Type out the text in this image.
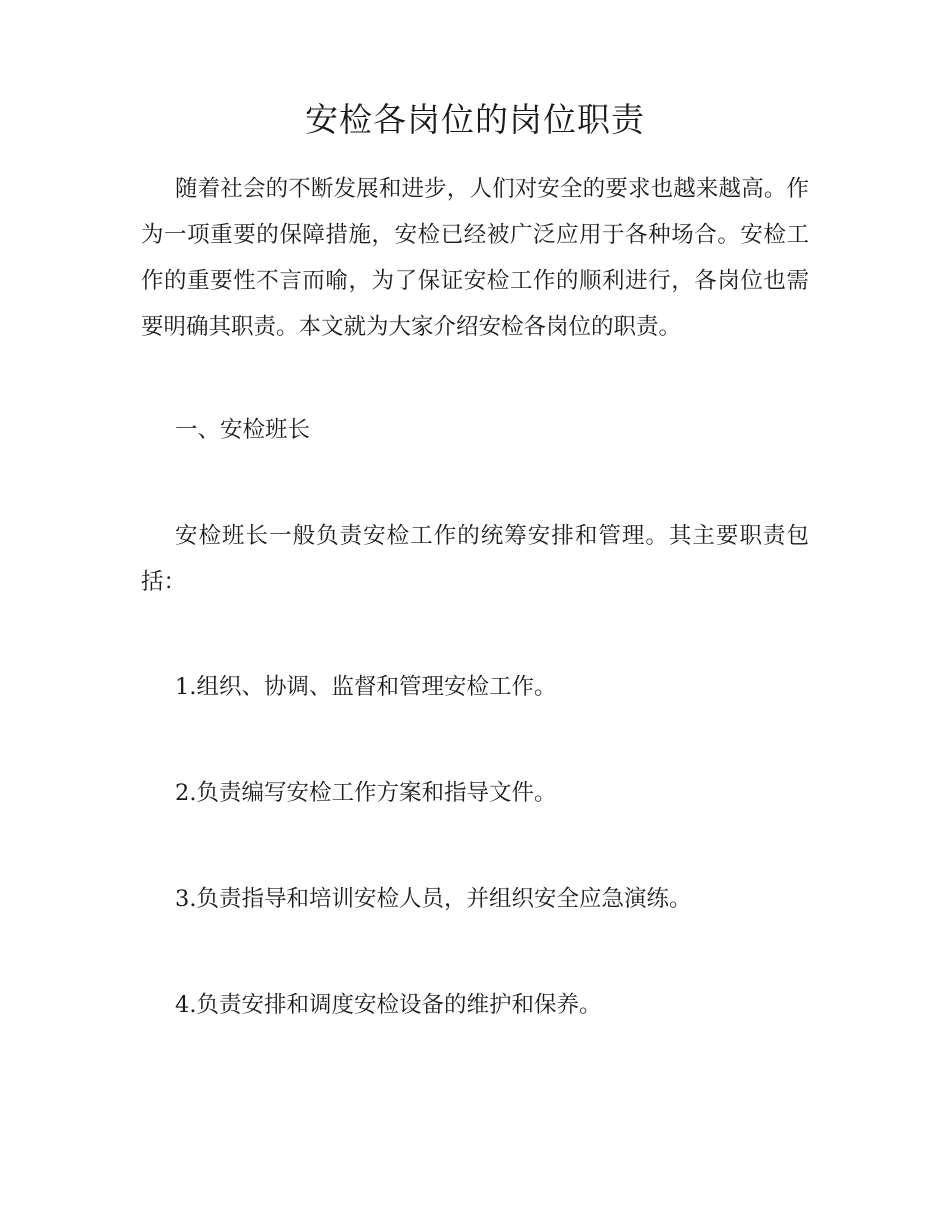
安检各岗位的岗位职责

随着社会的不断发展和进步，人们对安全的要求也越来越高。作为一项重要的保障措施，安检已经被广泛应用于各种场合。安检工作的重要性不言而喻，为了保证安检工作的顺利进行，各岗位也需要明确其职责。本文就为大家介绍安检各岗位的职责。

一、安检班长

安检班长一般负责安检工作的统筹安排和管理。其主要职责包括：

1.组织、协调、监督和管理安检工作。

2.负责编写安检工作方案和指导文件。

3.负责指导和培训安检人员，并组织安全应急演练。

4.负责安排和调度安检设备的维护和保养。
